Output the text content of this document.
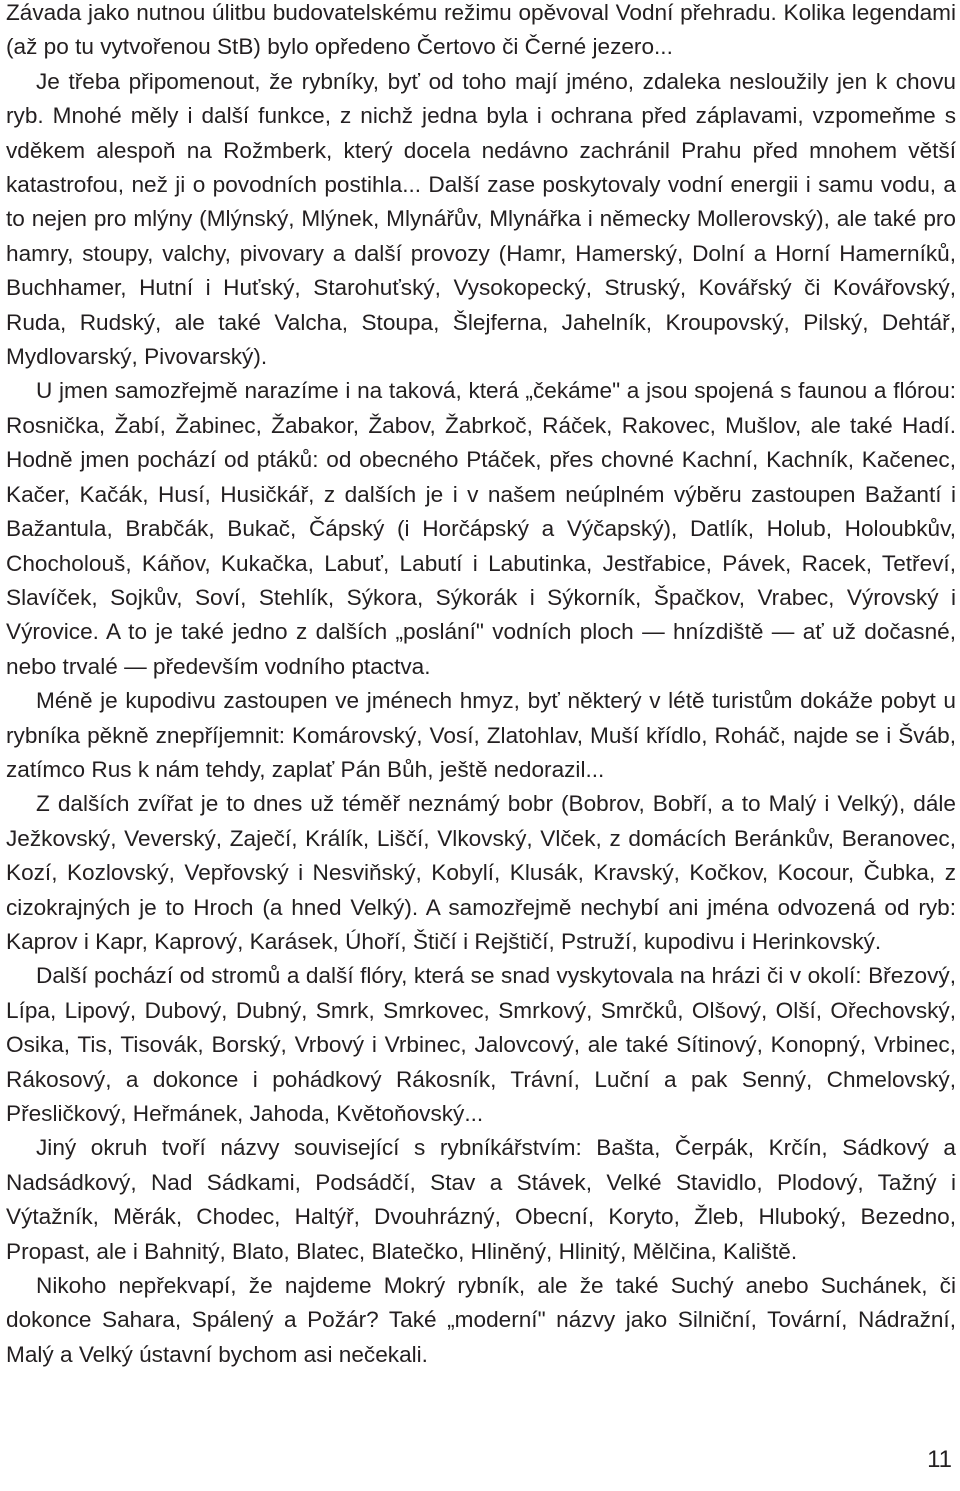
Závada jako nutnou úlitbu budovatelskému režimu opěvoval Vodní přehradu. Kolika legendami (až po tu vytvořenou StB) bylo opředeno Čertovo či Černé jezero...

Je třeba připomenout, že rybníky, byť od toho mají jméno, zdaleka nesloužily jen k chovu ryb. Mnohé měly i další funkce, z nichž jedna byla i ochrana před záplavami, vzpomeňme s vděkem alespoň na Rožmberk, který docela nedávno zachránil Prahu před mnohem větší katastrofou, než ji o povodních postihla... Další zase poskytovaly vodní energii i samu vodu, a to nejen pro mlýny (Mlýnský, Mlýnek, Mlynářův, Mlynářka i německy Mollerovský), ale také pro hamry, stoupy, valchy, pivovary a další provozy (Hamr, Hamerský, Dolní a Horní Hamerníků, Buchhamer, Hutní i Huťský, Starohuťský, Vysokopecký, Struský, Kovářský či Kovářovský, Ruda, Rudský, ale také Valcha, Stoupa, Šlejferna, Jahelník, Kroupovský, Pilský, Dehtář, Mydlovarský, Pivovarský).

U jmen samozřejmě narazíme i na taková, která „čekáme" a jsou spojená s faunou a flórou: Rosnička, Žabí, Žabinec, Žabakor, Žabov, Žabrkoč, Ráček, Rakovec, Mušlov, ale také Hadí. Hodně jmen pochází od ptáků: od obecného Ptáček, přes chovné Kachní, Kachník, Kačenec, Kačer, Kačák, Husí, Husičkář, z dalších je i v našem neúplném výběru zastoupen Bažantí i Bažantula, Brabčák, Bukač, Čápský (i Horčápský a Výčapský), Datlík, Holub, Holoubkův, Chocholouš, Káňov, Kukačka, Labuť, Labutí i Labutinka, Jestřabice, Pávek, Racek, Tetřeví, Slavíček, Sojkův, Soví, Stehlík, Sýkora, Sýkorák i Sýkorník, Špačkov, Vrabec, Výrovský i Výrovice. A to je také jedno z dalších „poslání" vodních ploch — hnízdiště — ať už dočasné, nebo trvalé — především vodního ptactva.

Méně je kupodivu zastoupen ve jménech hmyz, byť některý v létě turistům dokáže pobyt u rybníka pěkně znepříjemnit: Komárovský, Vosí, Zlatohlav, Muší křídlo, Roháč, najde se i Šváb, zatímco Rus k nám tehdy, zaplať Pán Bůh, ještě nedorazil...

Z dalších zvířat je to dnes už téměř neznámý bobr (Bobrov, Bobří, a to Malý i Velký), dále Ježkovský, Veverský, Zaječí, Králík, Liščí, Vlkovský, Vlček, z domácích Beránkův, Beranovec, Kozí, Kozlovský, Vepřovský i Nesviňský, Kobylí, Klusák, Kravský, Kočkov, Kocour, Čubka, z cizokrajných je to Hroch (a hned Velký). A samozřejmě nechybí ani jména odvozená od ryb: Kaprov i Kapr, Kaprový, Karásek, Úhoří, Štičí i Rejštičí, Pstruží, kupodivu i Herinkovský.

Další pochází od stromů a další flóry, která se snad vyskytovala na hrázi či v okolí: Březový, Lípa, Lipový, Dubový, Dubný, Smrk, Smrkovec, Smrkový, Smrčků, Olšový, Olší, Ořechovský, Osika, Tis, Tisovák, Borský, Vrbový i Vrbinec, Jalovcový, ale také Sítinový, Konopný, Vrbinec, Rákosový, a dokonce i pohádkový Rákosník, Trávní, Luční a pak Senný, Chmelovský, Přesličkový, Heřmánek, Jahoda, Květoňovský...

Jiný okruh tvoří názvy související s rybníkářstvím: Bašta, Čerpák, Krčín, Sádkový a Nadsádkový, Nad Sádkami, Podsádčí, Stav a Stávek, Velké Stavidlo, Plodový, Tažný i Výtažník, Měrák, Chodec, Haltýř, Dvouhrázný, Obecní, Koryto, Žleb, Hluboký, Bezedno, Propast, ale i Bahnitý, Blato, Blatec, Blatečko, Hliněný, Hlinitý, Mělčina, Kaliště.

Nikoho nepřekvapí, že najdeme Mokrý rybník, ale že také Suchý anebo Suchánek, či dokonce Sahara, Spálený a Požár? Také „moderní" názvy jako Silniční, Tovární, Nádražní, Malý a Velký ústavní bychom asi nečekali.

11
